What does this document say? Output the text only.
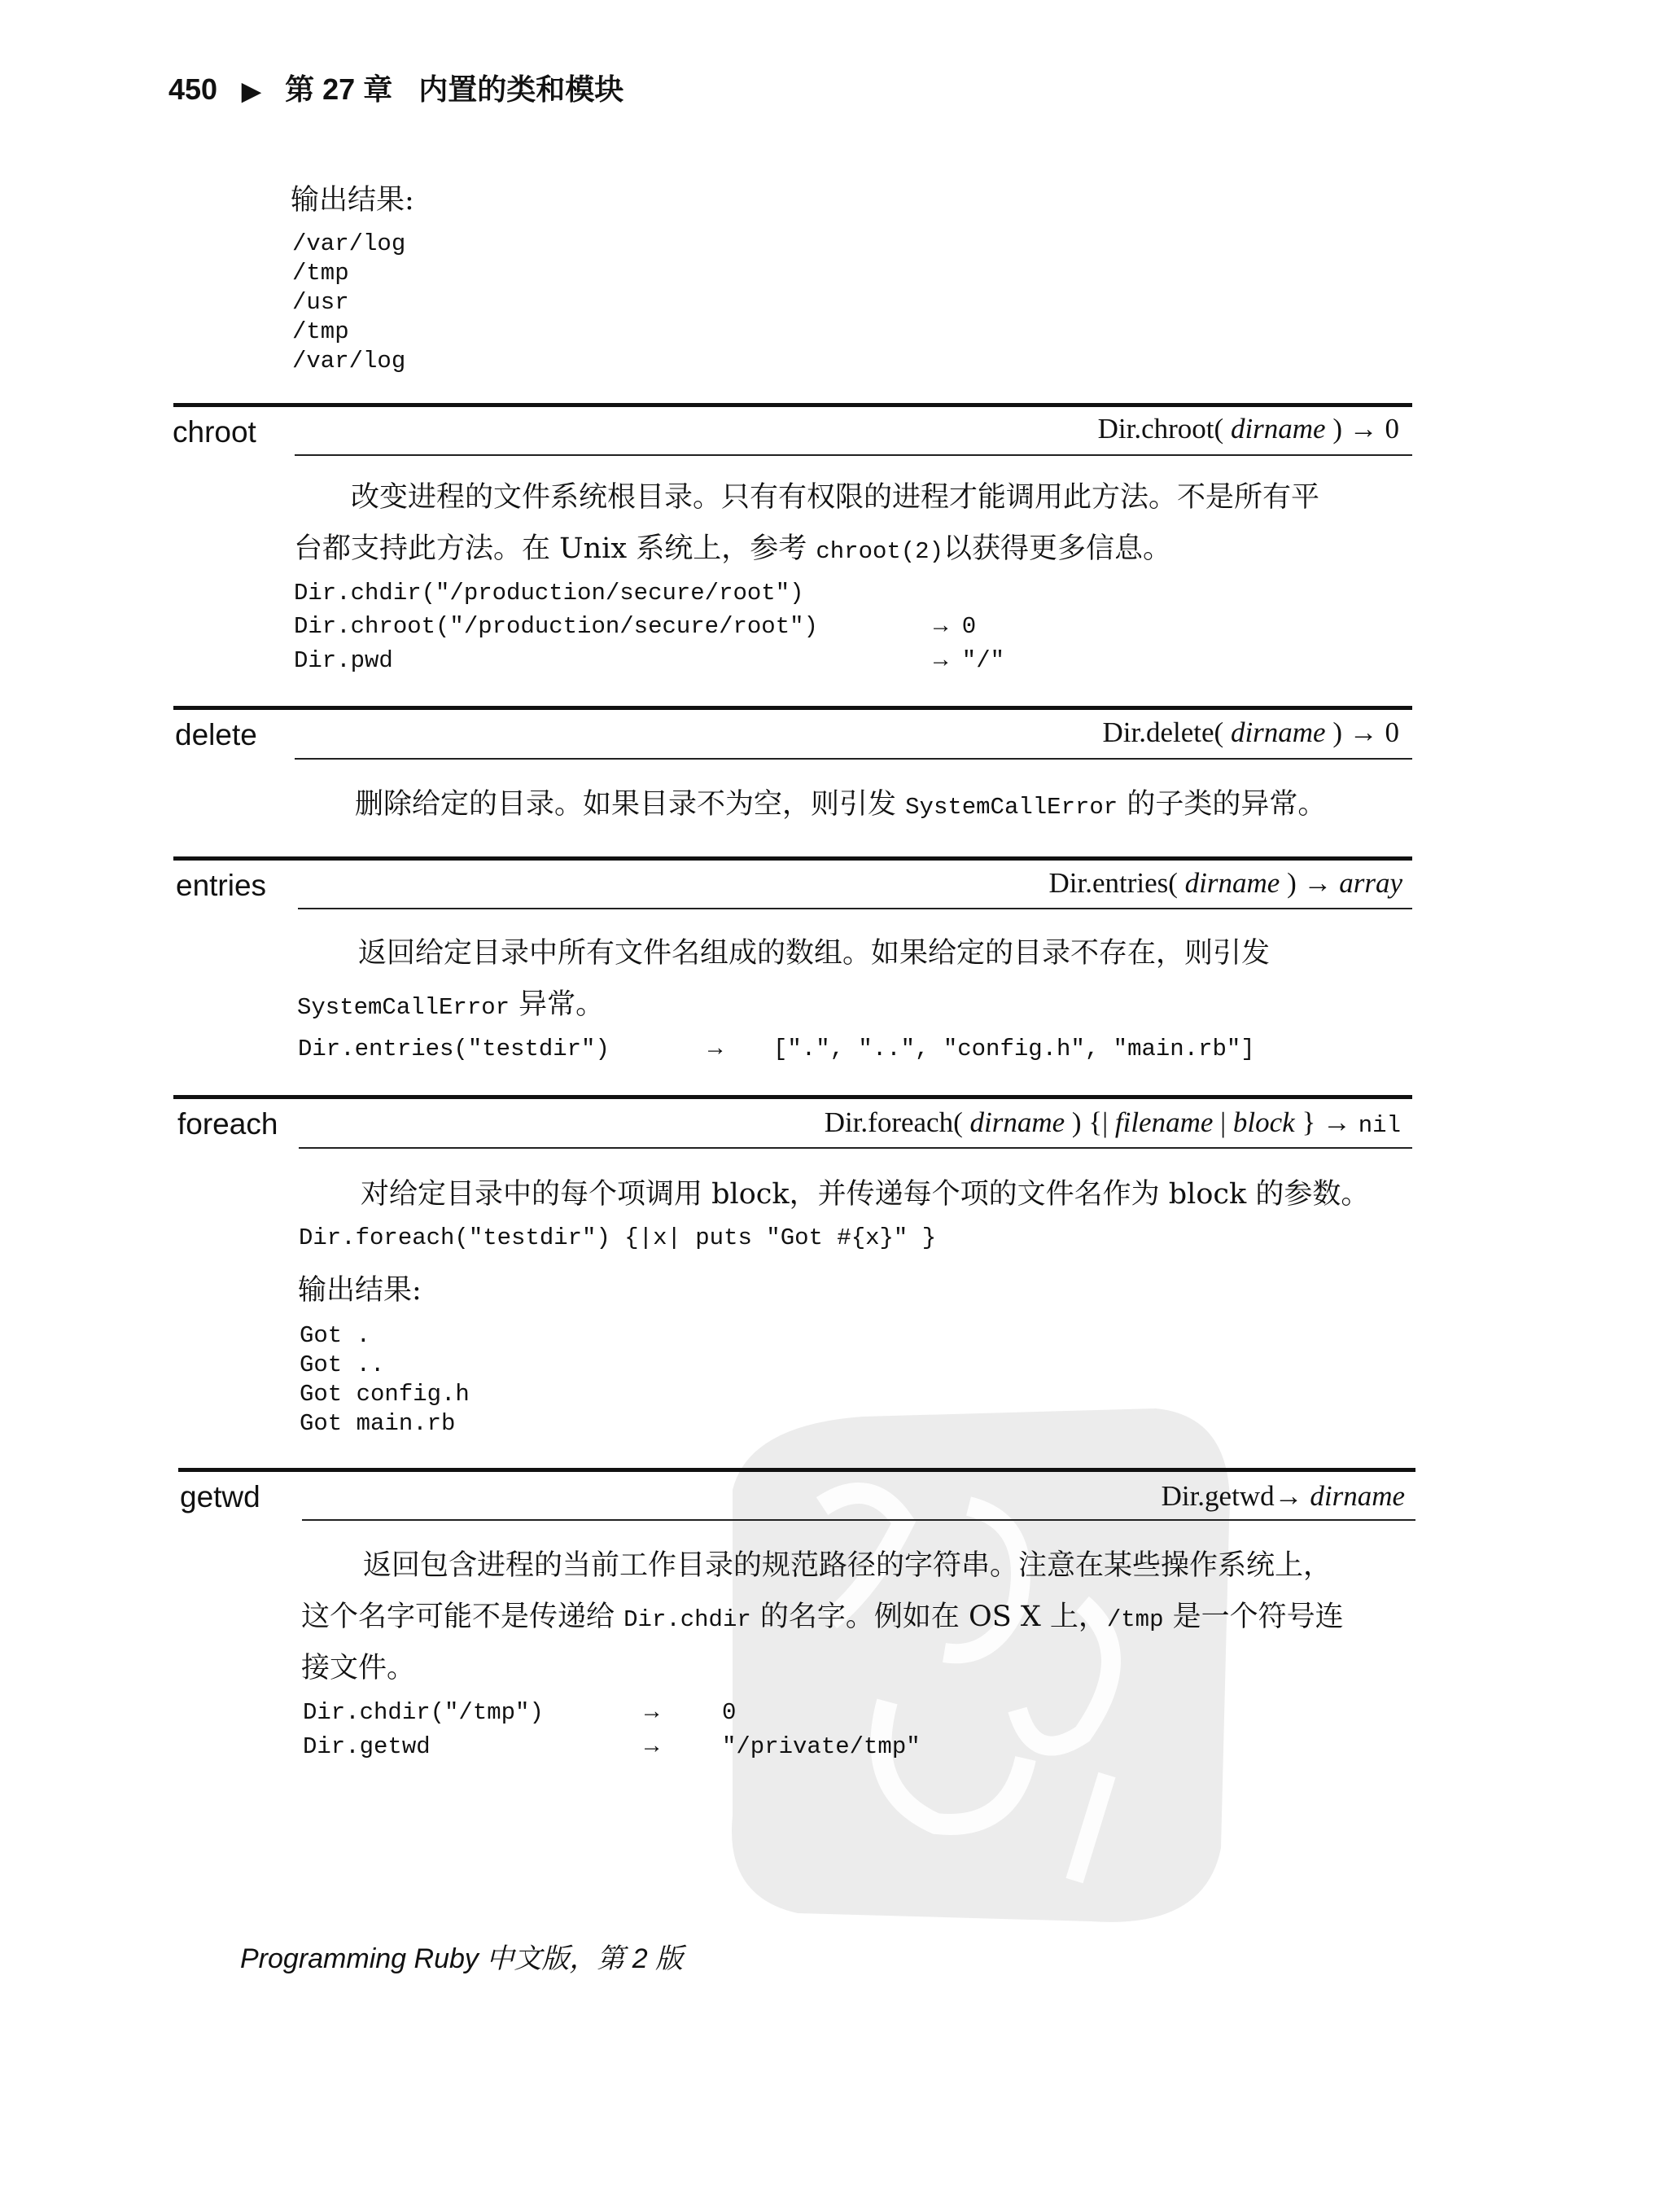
450 ▶ 第 27 章 内置的类和模块
输出结果:
/var/log
/tmp
/usr
/tmp
/var/log
chroot	Dir.chroot( dirname ) → 0
改变进程的文件系统根目录。只有有权限的进程才能调用此方法。不是所有平
台都支持此方法。在 Unix 系统上，参考 chroot(2)以获得更多信息。
Dir.chdir("/production/secure/root")
Dir.chroot("/production/secure/root")	→ 0
Dir.pwd	→ "/"
delete	Dir.delete( dirname ) → 0
删除给定的目录。如果目录不为空，则引发 SystemCallError 的子类的异常。
entries	Dir.entries( dirname ) → array
返回给定目录中所有文件名组成的数组。如果给定的目录不存在，则引发
SystemCallError 异常。
Dir.entries("testdir")	→ [".", "..", "config.h", "main.rb"]
foreach	Dir.foreach( dirname ) {| filename | block } → nil
对给定目录中的每个项调用 block，并传递每个项的文件名作为 block 的参数。
Dir.foreach("testdir") {|x| puts "Got #{x}" }
输出结果:
Got .
Got ..
Got config.h
Got main.rb
getwd	Dir.getwd→ dirname
返回包含进程的当前工作目录的规范路径的字符串。注意在某些操作系统上，
这个名字可能不是传递给 Dir.chdir 的名字。例如在 OS X 上，/tmp 是一个符号连
接文件。
Dir.chdir("/tmp")	→	0
Dir.getwd	→	"/private/tmp"
Programming Ruby 中文版，第 2 版
